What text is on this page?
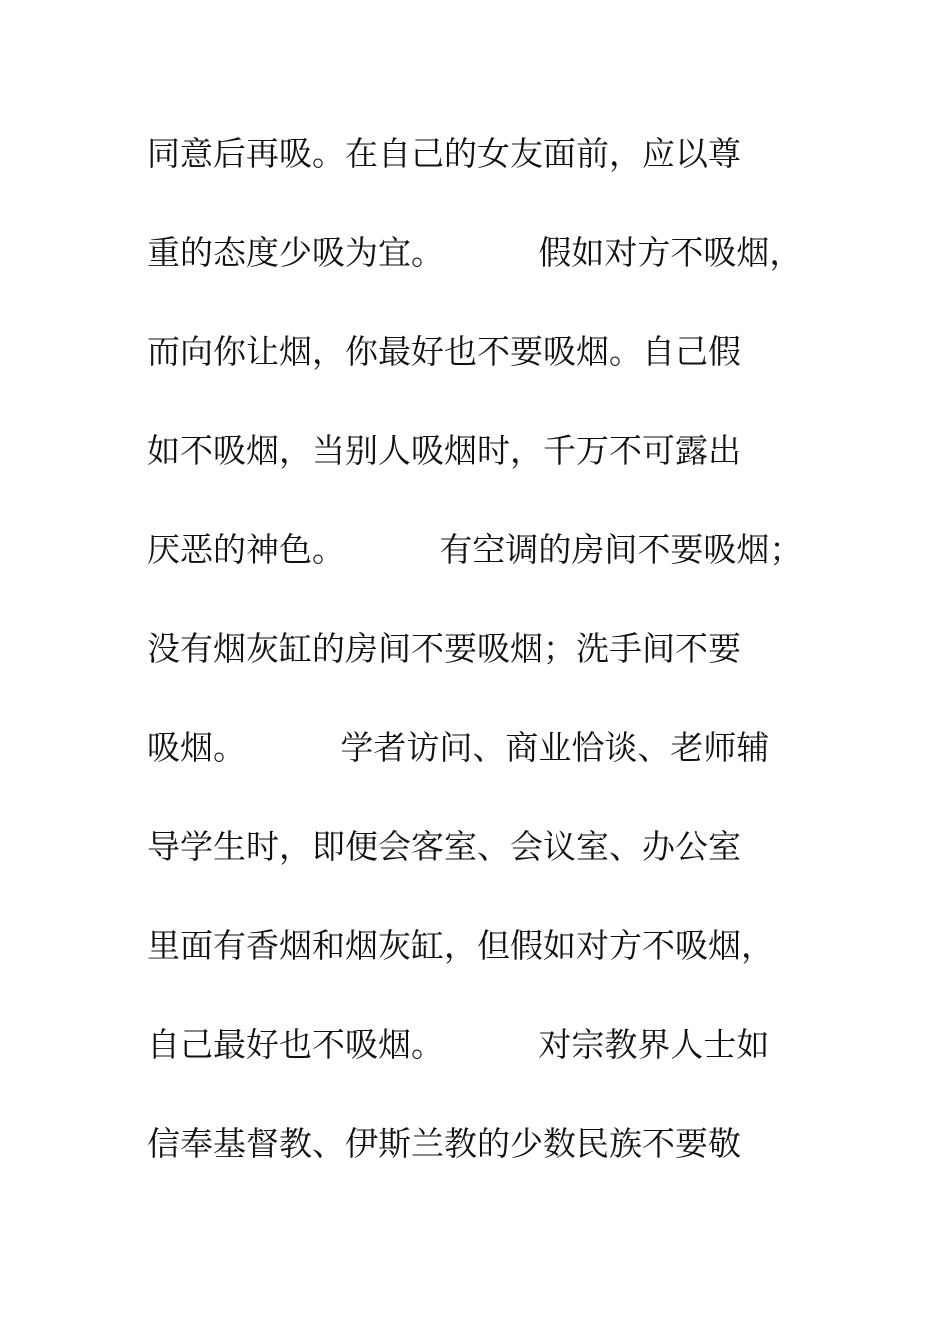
同意后再吸。在自己的女友面前，应以尊
重的态度少吸为宜。         假如对方不吸烟，
而向你让烟，你最好也不要吸烟。自己假
如不吸烟，当别人吸烟时，千万不可露出
厌恶的神色。         有空调的房间不要吸烟；
没有烟灰缸的房间不要吸烟；洗手间不要
吸烟。         学者访问、商业恰谈、老师辅
导学生时，即便会客室、会议室、办公室
里面有香烟和烟灰缸，但假如对方不吸烟，
自己最好也不吸烟。         对宗教界人士如
信奉基督教、伊斯兰教的少数民族不要敬
